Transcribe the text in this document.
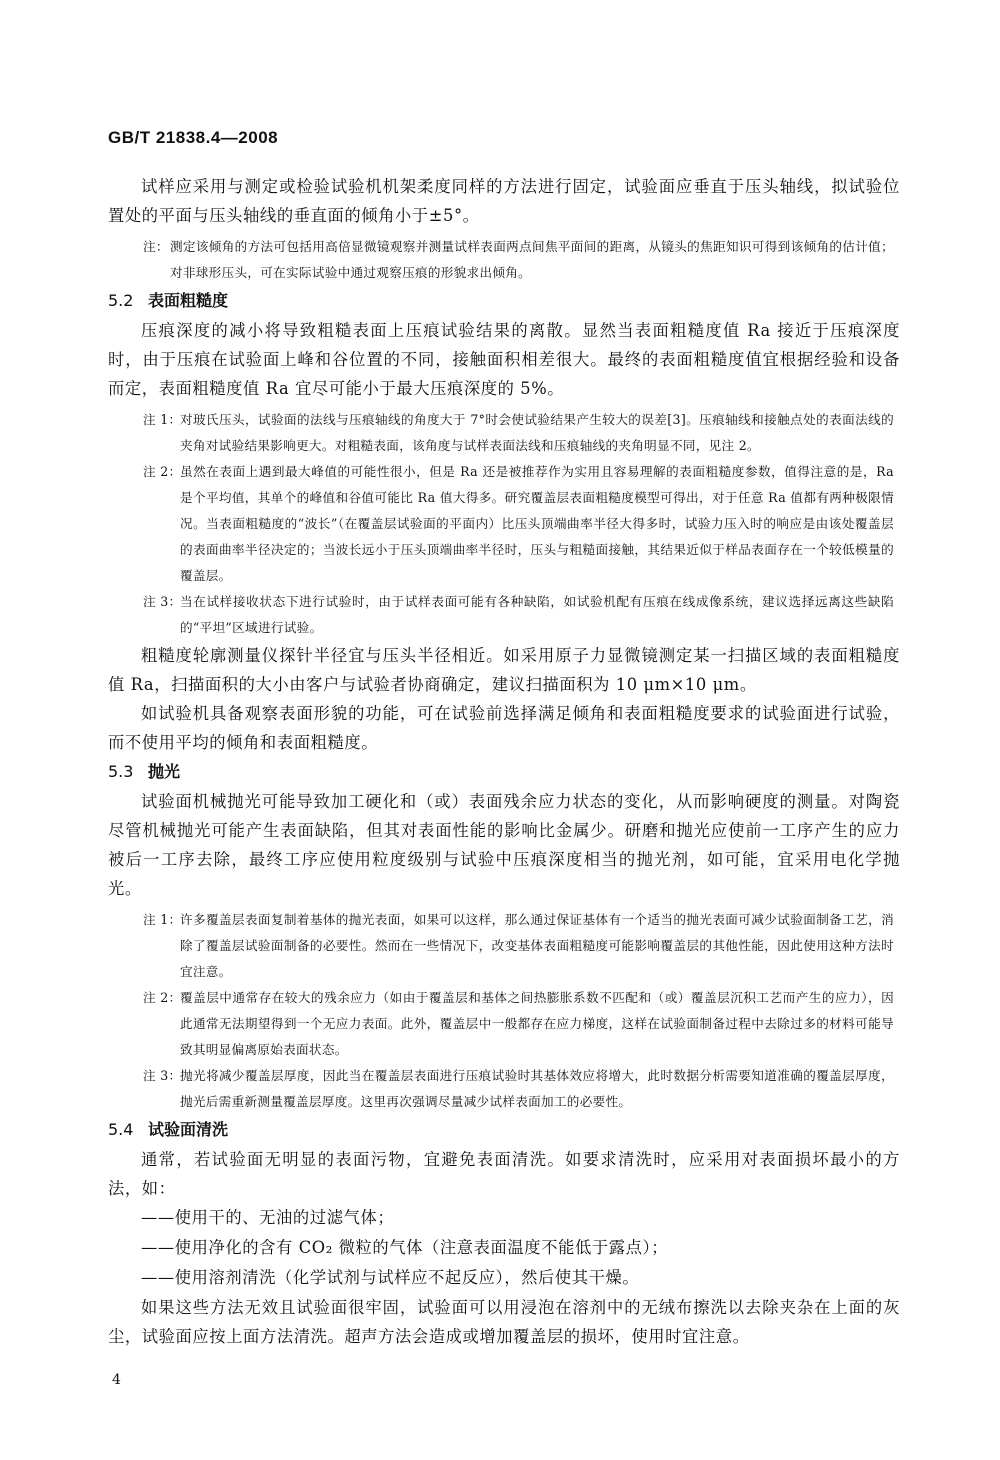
GB/T 21838.4—2008

试样应采用与测定或检验试验机机架柔度同样的方法进行固定，试验面应垂直于压头轴线，拟试验位置处的平面与压头轴线的垂直面的倾角小于±5°。

注： 测定该倾角的方法可包括用高倍显微镜观察并测量试样表面两点间焦平面间的距离，从镜头的焦距知识可得到该倾角的估计值；对非球形压头，可在实际试验中通过观察压痕的形貌求出倾角。
5.2 表面粗糙度

压痕深度的减小将导致粗糙表面上压痕试验结果的离散。显然当表面粗糙度值 Ra 接近于压痕深度时，由于压痕在试验面上峰和谷位置的不同，接触面积相差很大。最终的表面粗糙度值宜根据经验和设备而定，表面粗糙度值 Ra 宜尽可能小于最大压痕深度的 5%。

注 1：
对玻氏压头，试验面的法线与压痕轴线的角度大于 7°时会使试验结果产生较大的误差[3]。压痕轴线和接触点处的表面法线的夹角对试验结果影响更大。对粗糙表面，该角度与试样表面法线和压痕轴线的夹角明显不同，见注 2。
注 2：
虽然在表面上遇到最大峰值的可能性很小，但是 Ra 还是被推荐作为实用且容易理解的表面粗糙度参数，值得注意的是，Ra 是个平均值，其单个的峰值和谷值可能比 Ra 值大得多。研究覆盖层表面粗糙度模型可得出，对于任意 Ra 值都有两种极限情况。当表面粗糙度的“波长”（在覆盖层试验面的平面内）比压头顶端曲率半径大得多时，试验力压入时的响应是由该处覆盖层的表面曲率半径决定的；当波长远小于压头顶端曲率半径时，压头与粗糙面接触，其结果近似于样品表面存在一个较低模量的覆盖层。
注 3：
当在试样接收状态下进行试验时，由于试样表面可能有各种缺陷，如试验机配有压痕在线成像系统，建议选择远离这些缺陷的“平坦”区域进行试验。

粗糙度轮廓测量仪探针半径宜与压头半径相近。如采用原子力显微镜测定某一扫描区域的表面粗糙度值 Ra，扫描面积的大小由客户与试验者协商确定，建议扫描面积为 10 μm×10 μm。

如试验机具备观察表面形貌的功能，可在试验前选择满足倾角和表面粗糙度要求的试验面进行试验，而不使用平均的倾角和表面粗糙度。

5.3 抛光

试验面机械抛光可能导致加工硬化和（或）表面残余应力状态的变化，从而影响硬度的测量。对陶瓷尽管机械抛光可能产生表面缺陷，但其对表面性能的影响比金属少。研磨和抛光应使前一工序产生的应力被后一工序去除，最终工序应使用粒度级别与试验中压痕深度相当的抛光剂，如可能，宜采用电化学抛光。

注 1：
许多覆盖层表面复制着基体的抛光表面，如果可以这样，那么通过保证基体有一个适当的抛光表面可减少试验面制备工艺，消除了覆盖层试验面制备的必要性。然而在一些情况下，改变基体表面粗糙度可能影响覆盖层的其他性能，因此使用这种方法时宜注意。
注 2：
覆盖层中通常存在较大的残余应力（如由于覆盖层和基体之间热膨胀系数不匹配和（或）覆盖层沉积工艺而产生的应力），因此通常无法期望得到一个无应力表面。此外，覆盖层中一般都存在应力梯度，这样在试验面制备过程中去除过多的材料可能导致其明显偏离原始表面状态。
注 3：
抛光将减少覆盖层厚度，因此当在覆盖层表面进行压痕试验时其基体效应将增大，此时数据分析需要知道准确的覆盖层厚度，抛光后需重新测量覆盖层厚度。这里再次强调尽量减少试样表面加工的必要性。
5.4 试验面清洗

通常，若试验面无明显的表面污物，宜避免表面清洗。如要求清洗时，应采用对表面损坏最小的方法，如：

——使用干的、无油的过滤气体；

——使用净化的含有 CO₂ 微粒的气体（注意表面温度不能低于露点）；

——使用溶剂清洗（化学试剂与试样应不起反应），然后使其干燥。

如果这些方法无效且试验面很牢固，试验面可以用浸泡在溶剂中的无绒布擦洗以去除夹杂在上面的灰尘，试验面应按上面方法清洗。超声方法会造成或增加覆盖层的损坏，使用时宜注意。

4
